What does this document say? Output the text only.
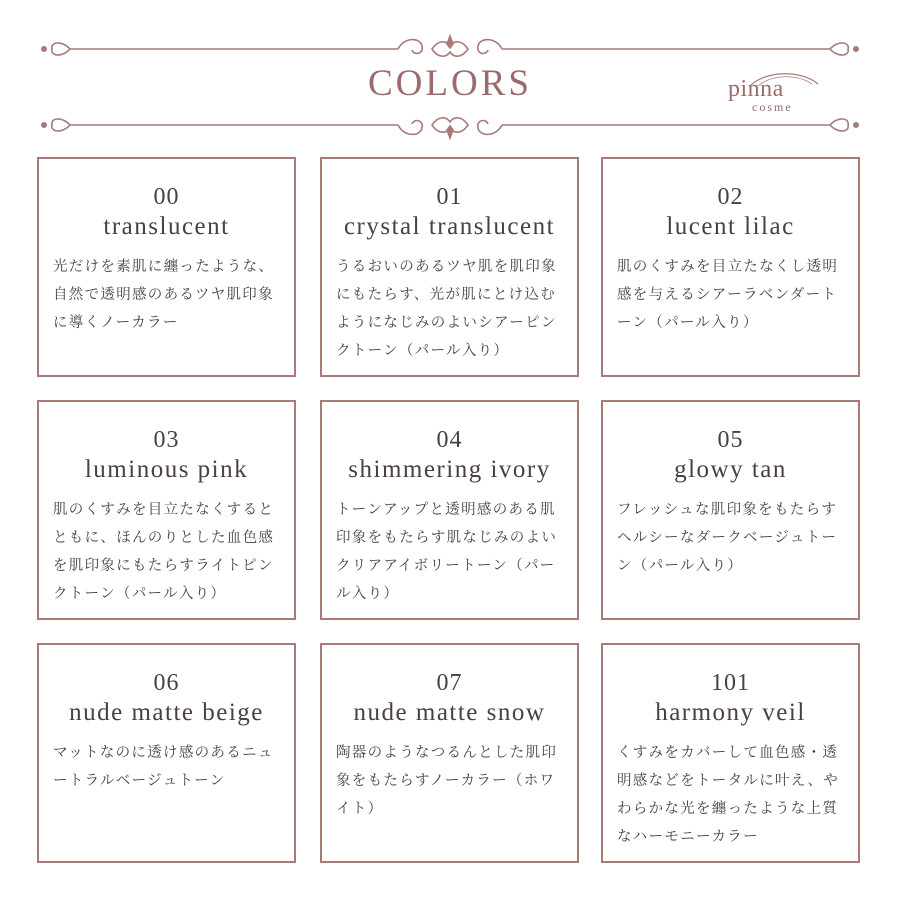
COLORS	pinna
cosme
00
translucent
光だけを素肌に纏ったような、自然で透明感のあるツヤ肌印象に導くノーカラー
01
crystal translucent
うるおいのあるツヤ肌を肌印象にもたらす、光が肌にとけ込むようになじみのよいシアーピンクトーン（パール入り）
02
lucent lilac
肌のくすみを目立たなくし透明感を与えるシアーラベンダートーン（パール入り）
03
luminous pink
肌のくすみを目立たなくするとともに、ほんのりとした血色感を肌印象にもたらすライトピンクトーン（パール入り）
04
shimmering ivory
トーンアップと透明感のある肌印象をもたらす肌なじみのよいクリアアイボリートーン（パール入り）
05
glowy tan
フレッシュな肌印象をもたらすヘルシーなダークベージュトーン（パール入り）
06
nude matte beige
マットなのに透け感のあるニュートラルベージュトーン
07
nude matte snow
陶器のようなつるんとした肌印象をもたらすノーカラー（ホワイト）
101
harmony veil
くすみをカバーして血色感・透明感などをトータルに叶え、やわらかな光を纏ったような上質なハーモニーカラー
